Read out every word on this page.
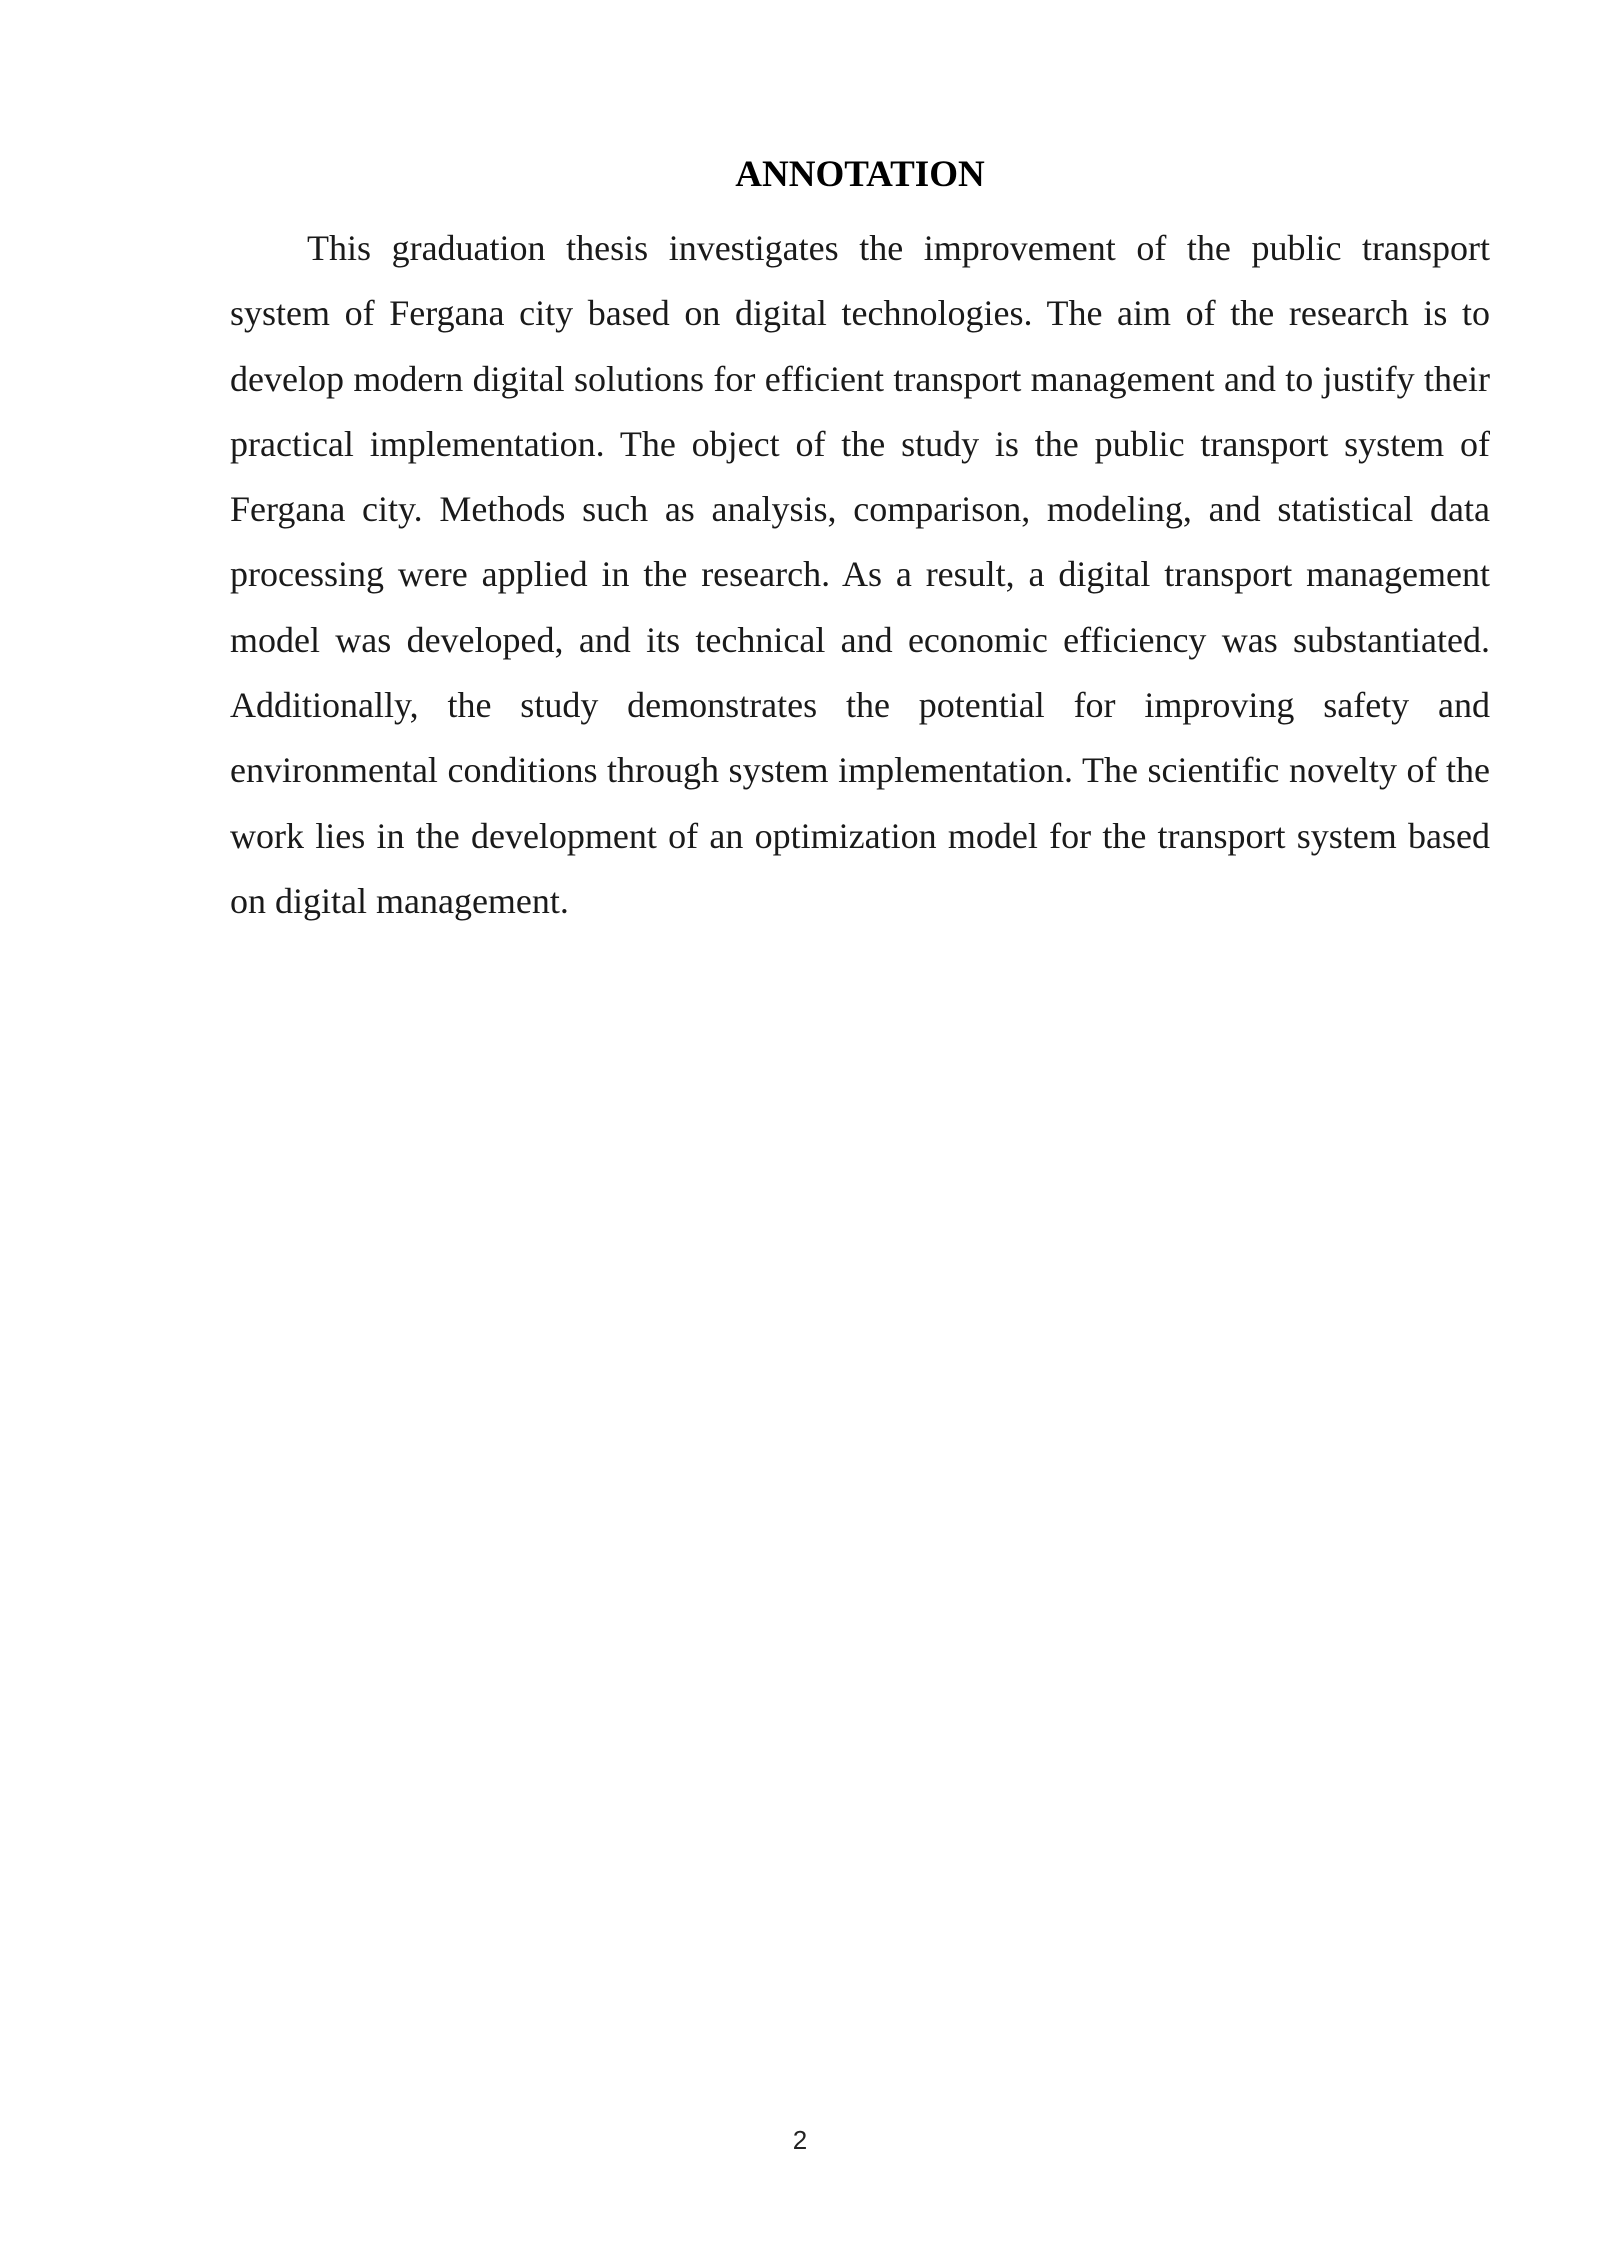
ANNOTATION

This graduation thesis investigates the improvement of the public transport system of Fergana city based on digital technologies. The aim of the research is to develop modern digital solutions for efficient transport management and to justify their practical implementation. The object of the study is the public transport system of Fergana city. Methods such as analysis, comparison, modeling, and statistical data processing were applied in the research. As a result, a digital transport management model was developed, and its technical and economic efficiency was substantiated. Additionally, the study demonstrates the potential for improving safety and environmental conditions through system implementation. The scientific novelty of the work lies in the development of an optimization model for the transport system based on digital management.

2
